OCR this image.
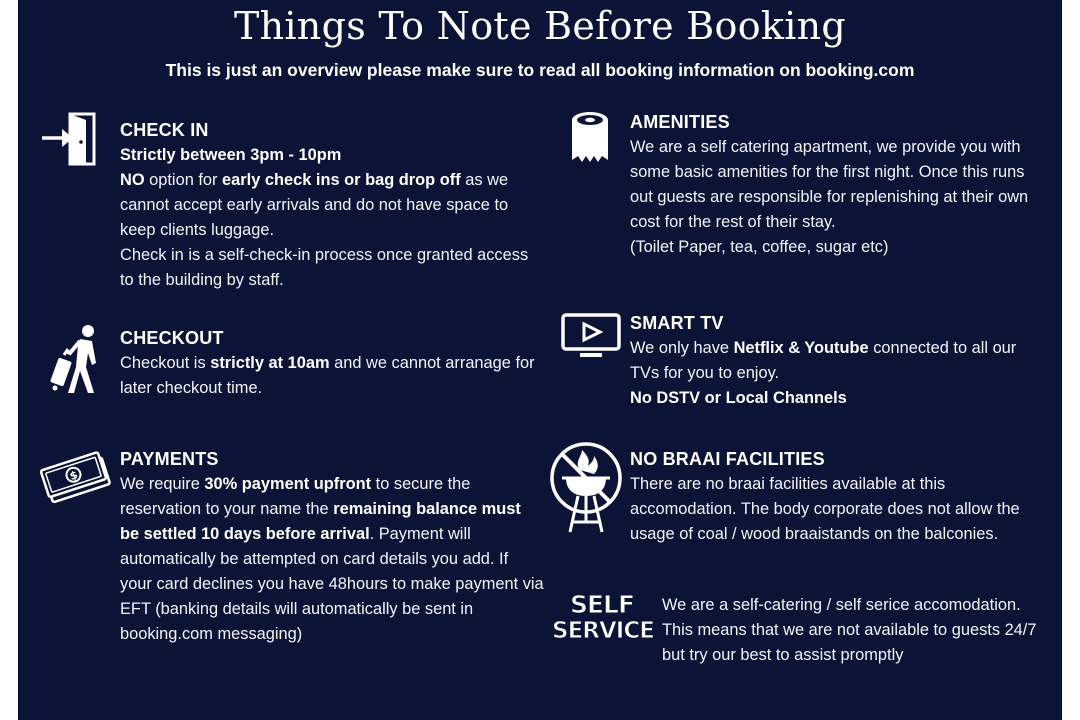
Things To Note Before Booking
This is just an overview please make sure to read all booking information on booking.com
CHECK IN
Strictly between 3pm - 10pm
NO option for early check ins or bag drop off as we cannot accept early arrivals and do not have space to keep clients luggage.
Check in is a self-check-in process once granted access to the building by staff.
CHECKOUT
Checkout is strictly at 10am and we cannot arranage for later checkout time.
$
PAYMENTS
We require 30% payment upfront to secure the reservation to your name the remaining balance must be settled 10 days before arrival. Payment will automatically be attempted on card details you add. If your card declines you have 48hours to make payment via EFT (banking details will automatically be sent in booking.com messaging)
AMENITIES
We are a self catering apartment, we provide you with some basic amenities for the first night. Once this runs out guests are responsible for replenishing at their own cost for the rest of their stay.
(Toilet Paper, tea, coffee, sugar etc)
SMART TV
We only have Netflix & Youtube connected to all our TVs for you to enjoy.
No DSTV or Local Channels
NO BRAAI FACILITIES
There are no braai facilities available at this accomodation. The body corporate does not allow the usage of coal / wood braaistands on the balconies.
SELF
SERVICE
We are a self-catering / self serice accomodation. This means that we are not available to guests 24/7 but try our best to assist promptly
